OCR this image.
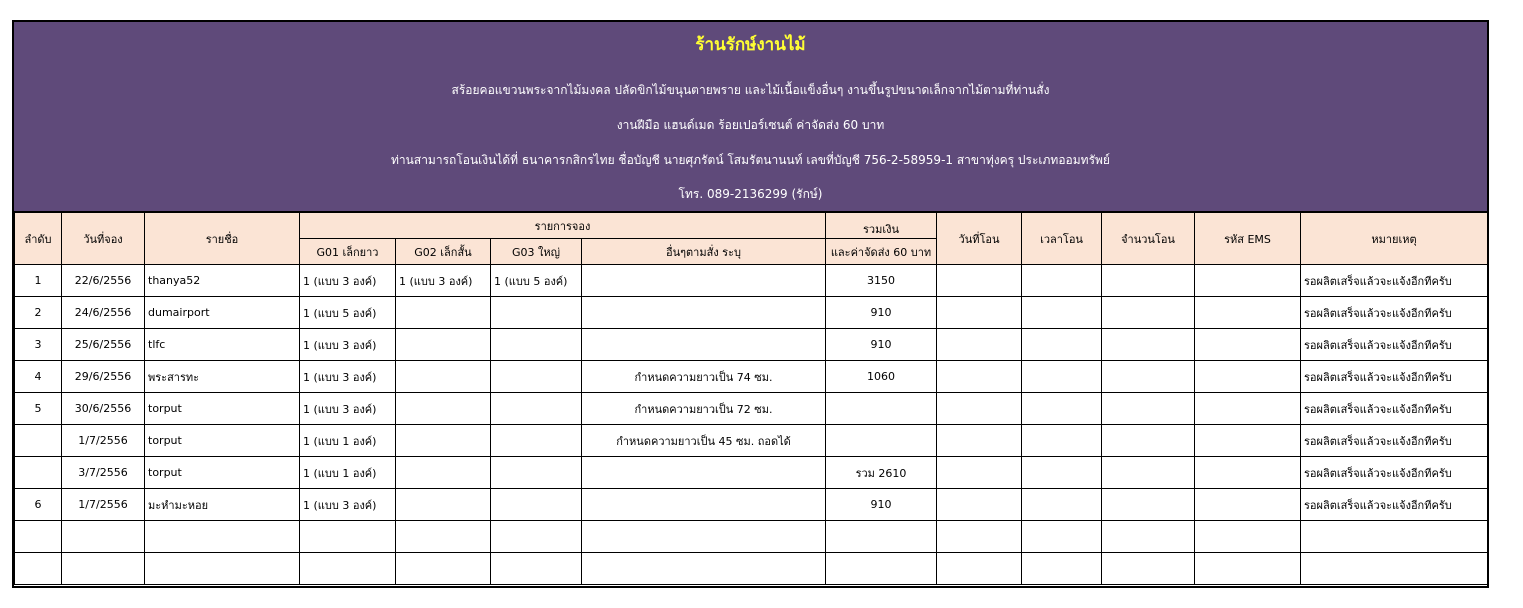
ร้านรักษ์งานไม้
สร้อยคอแขวนพระจากไม้มงคล ปลัดขิกไม้ขนุนตายพราย และไม้เนื้อแข็งอื่นๆ งานขึ้นรูปขนาดเล็กจากไม้ตามที่ท่านสั่ง
งานฝีมือ แฮนด์เมด ร้อยเปอร์เซนต์ ค่าจัดส่ง 60 บาท
ท่านสามารถโอนเงินได้ที่ ธนาคารกสิกรไทย ชื่อบัญชี นายศุภรัตน์ โสมรัตนานนท์ เลขที่บัญชี 756-2-58959-1 สาขาทุ่งครุ ประเภทออมทรัพย์
โทร. 089-2136299 (รักษ์)
ลำดับ	วันที่จอง	รายชื่อ	รายการจอง				รวมเงิน	วันที่โอน	เวลาโอน	จำนวนโอน	รหัส EMS	หมายเหตุ
			G01 เล็กยาว	G02 เล็กสั้น	G03 ใหญ่	อื่นๆตามสั่ง ระบุ	และค่าจัดส่ง 60 บาท					
1	22/6/2556	thanya52	1 (แบบ 3 องค์)	1 (แบบ 3 องค์)	1 (แบบ 5 องค์)		3150					รอผลิตเสร็จแล้วจะแจ้งอีกทีครับ
2	24/6/2556	dumairport	1 (แบบ 5 องค์)				910					รอผลิตเสร็จแล้วจะแจ้งอีกทีครับ
3	25/6/2556	tlfc	1 (แบบ 3 องค์)				910					รอผลิตเสร็จแล้วจะแจ้งอีกทีครับ
4	29/6/2556	พระสารทะ	1 (แบบ 3 องค์)			กำหนดความยาวเป็น 74 ซม.	1060					รอผลิตเสร็จแล้วจะแจ้งอีกทีครับ
5	30/6/2556	torput	1 (แบบ 3 องค์)			กำหนดความยาวเป็น 72 ซม.						รอผลิตเสร็จแล้วจะแจ้งอีกทีครับ
	1/7/2556	torput	1 (แบบ 1 องค์)			กำหนดความยาวเป็น 45 ซม. ถอดได้						รอผลิตเสร็จแล้วจะแจ้งอีกทีครับ
	3/7/2556	torput	1 (แบบ 1 องค์)				รวม 2610					รอผลิตเสร็จแล้วจะแจ้งอีกทีครับ
6	1/7/2556	มะหำมะหอย	1 (แบบ 3 องค์)				910					รอผลิตเสร็จแล้วจะแจ้งอีกทีครับ
